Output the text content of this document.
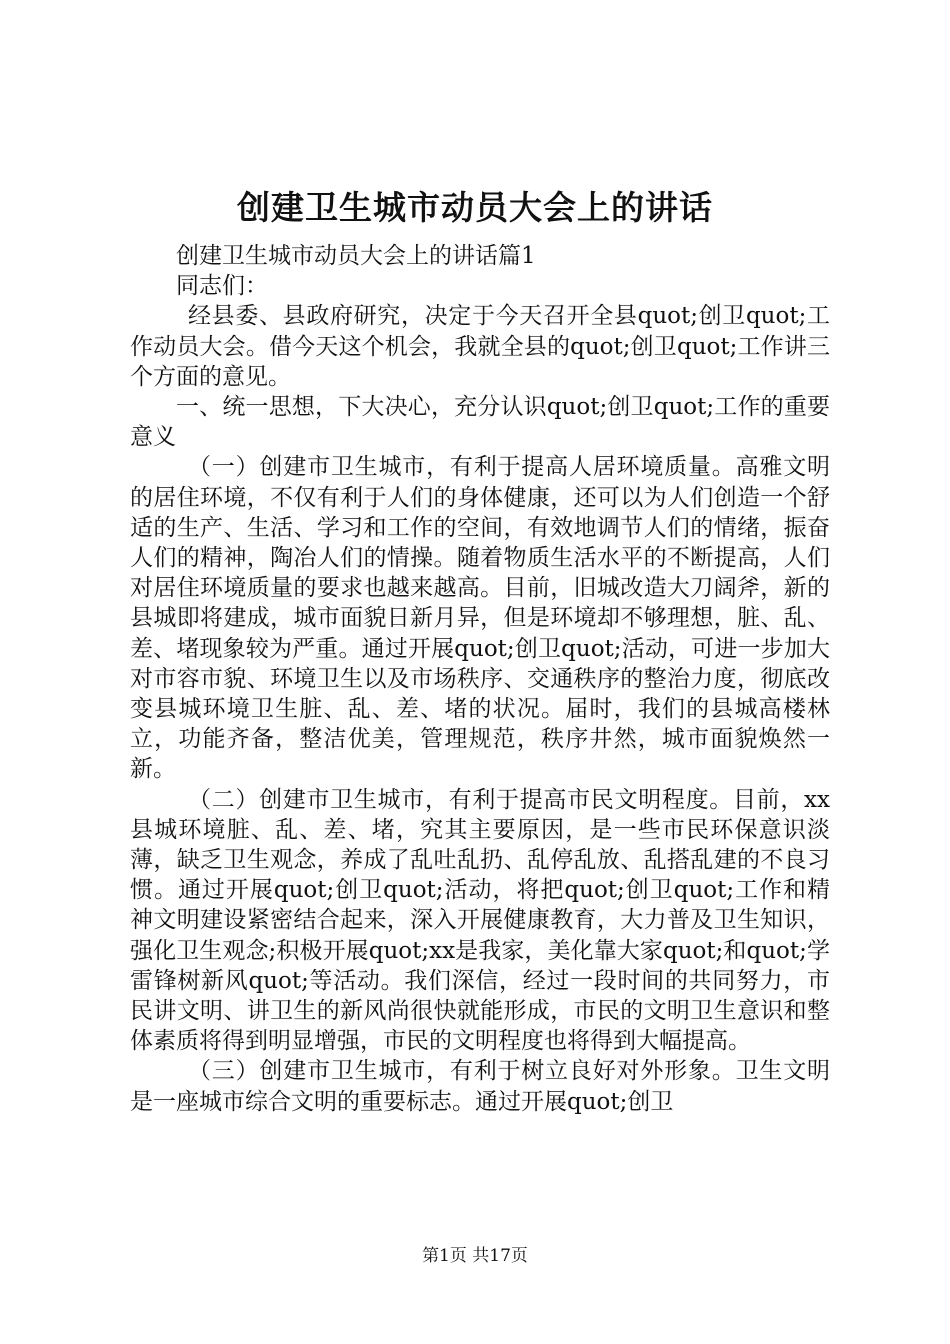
创建卫生城市动员大会上的讲话

创建卫生城市动员大会上的讲话篇1

同志们：

经县委、县政府研究，决定于今天召开全县quot;创卫quot;工作动员大会。借今天这个机会，我就全县的quot;创卫quot;工作讲三个方面的意见。

一、统一思想，下大决心，充分认识quot;创卫quot;工作的重要意义

（一）创建市卫生城市，有利于提高人居环境质量。高雅文明的居住环境，不仅有利于人们的身体健康，还可以为人们创造一个舒适的生产、生活、学习和工作的空间，有效地调节人们的情绪，振奋人们的精神，陶冶人们的情操。随着物质生活水平的不断提高，人们对居住环境质量的要求也越来越高。目前，旧城改造大刀阔斧，新的县城即将建成，城市面貌日新月异，但是环境却不够理想，脏、乱、差、堵现象较为严重。通过开展quot;创卫quot;活动，可进一步加大对市容市貌、环境卫生以及市场秩序、交通秩序的整治力度，彻底改变县城环境卫生脏、乱、差、堵的状况。届时，我们的县城高楼林立，功能齐备，整洁优美，管理规范，秩序井然，城市面貌焕然一新。

（二）创建市卫生城市，有利于提高市民文明程度。目前，xx县城环境脏、乱、差、堵，究其主要原因，是一些市民环保意识淡薄，缺乏卫生观念，养成了乱吐乱扔、乱停乱放、乱搭乱建的不良习惯。通过开展quot;创卫quot;活动，将把quot;创卫quot;工作和精神文明建设紧密结合起来，深入开展健康教育，大力普及卫生知识，强化卫生观念;积极开展quot;xx是我家，美化靠大家quot;和quot;学雷锋树新风quot;等活动。我们深信，经过一段时间的共同努力，市民讲文明、讲卫生的新风尚很快就能形成，市民的文明卫生意识和整体素质将得到明显增强，市民的文明程度也将得到大幅提高。

（三）创建市卫生城市，有利于树立良好对外形象。卫生文明是一座城市综合文明的重要标志。通过开展quot;创卫

第1页 共17页
